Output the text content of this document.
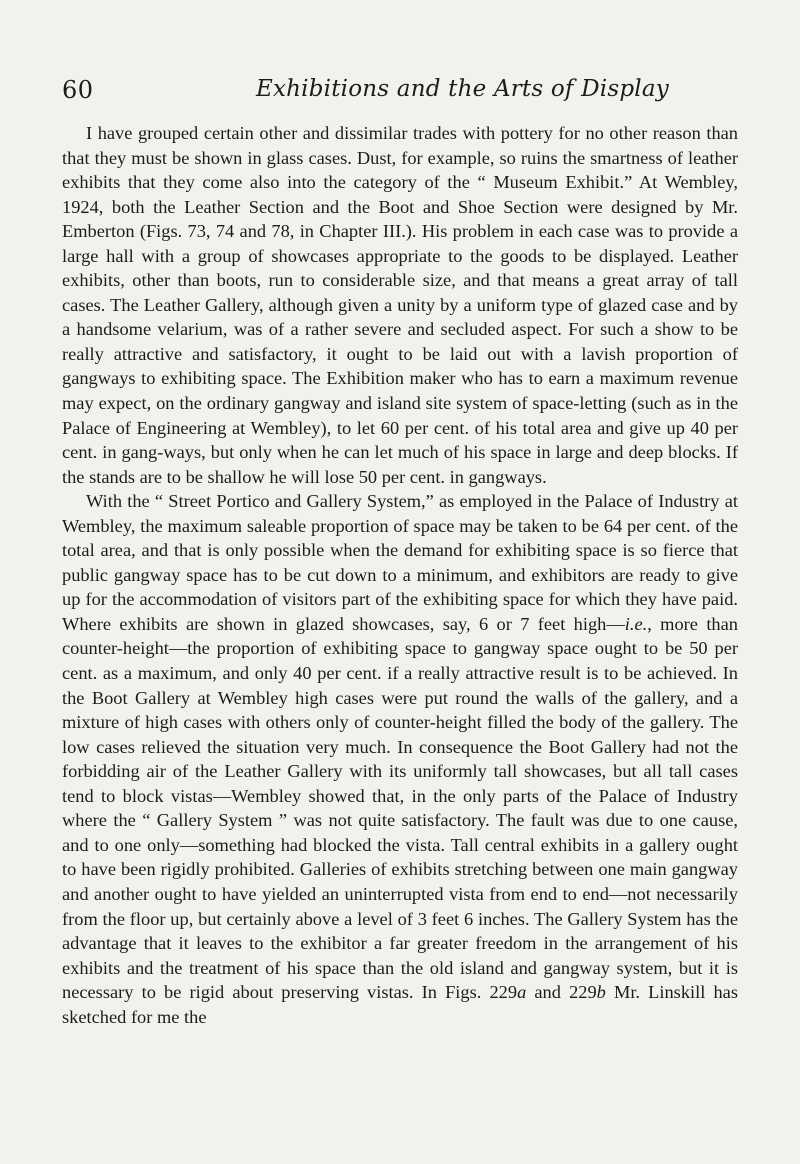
60	Exhibitions and the Arts of Display

I have grouped certain other and dissimilar trades with pottery for no other reason than that they must be shown in glass cases. Dust, for example, so ruins the smartness of leather exhibits that they come also into the category of the “ Museum Exhibit.” At Wembley, 1924, both the Leather Section and the Boot and Shoe Section were designed by Mr. Emberton (Figs. 73, 74 and 78, in Chapter III.). His problem in each case was to provide a large hall with a group of showcases appropriate to the goods to be displayed. Leather exhibits, other than boots, run to considerable size, and that means a great array of tall cases. The Leather Gallery, although given a unity by a uniform type of glazed case and by a handsome velarium, was of a rather severe and secluded aspect. For such a show to be really attractive and satisfactory, it ought to be laid out with a lavish proportion of gangways to exhibiting space. The Exhibition maker who has to earn a maximum revenue may expect, on the ordinary gangway and island site system of space-letting (such as in the Palace of Engineering at Wembley), to let 60 per cent. of his total area and give up 40 per cent. in gang-ways, but only when he can let much of his space in large and deep blocks. If the stands are to be shallow he will lose 50 per cent. in gangways.

With the “ Street Portico and Gallery System,” as employed in the Palace of Industry at Wembley, the maximum saleable proportion of space may be taken to be 64 per cent. of the total area, and that is only possible when the demand for exhibiting space is so fierce that public gangway space has to be cut down to a minimum, and exhibitors are ready to give up for the accommodation of visitors part of the exhibiting space for which they have paid. Where exhibits are shown in glazed showcases, say, 6 or 7 feet high—i.e., more than counter-height—the proportion of exhibiting space to gangway space ought to be 50 per cent. as a maximum, and only 40 per cent. if a really attractive result is to be achieved. In the Boot Gallery at Wembley high cases were put round the walls of the gallery, and a mixture of high cases with others only of counter-height filled the body of the gallery. The low cases relieved the situation very much. In consequence the Boot Gallery had not the forbidding air of the Leather Gallery with its uniformly tall showcases, but all tall cases tend to block vistas—Wembley showed that, in the only parts of the Palace of Industry where the “ Gallery System ” was not quite satisfactory. The fault was due to one cause, and to one only—something had blocked the vista. Tall central exhibits in a gallery ought to have been rigidly prohibited. Galleries of exhibits stretching between one main gangway and another ought to have yielded an uninterrupted vista from end to end—not necessarily from the floor up, but certainly above a level of 3 feet 6 inches. The Gallery System has the advantage that it leaves to the exhibitor a far greater freedom in the arrangement of his exhibits and the treatment of his space than the old island and gangway system, but it is necessary to be rigid about preserving vistas. In Figs. 229a and 229b Mr. Linskill has sketched for me the
